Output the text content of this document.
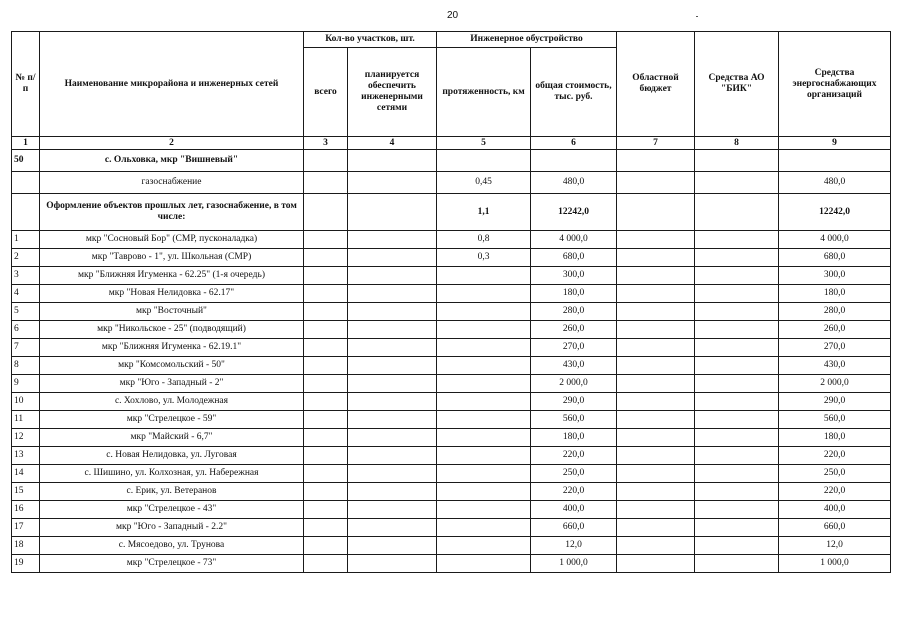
20
№ п/п	Наименование микрорайона и инженерных сетей	Кол-во участков, шт.		Инженерное обустройство		Областной бюджет	Средства АО "БИК"	Средства энергоснабжающих организаций
		всего	планируется обеспечить инженерными сетями	протяженность, км	общая стоимость, тыс. руб.			
1	2	3	4	5	6	7	8	9
50	с. Ольховка, мкр "Вишневый"							
	газоснабжение			0,45	480,0			480,0
	Оформление объектов прошлых лет, газоснабжение, в том числе:			1,1	12242,0			12242,0
1	мкр "Сосновый Бор" (СМР, пусконаладка)			0,8	4 000,0			4 000,0
2	мкр "Таврово - 1", ул. Школьная (СМР)			0,3	680,0			680,0
3	мкр "Ближняя Игуменка - 62.25" (1-я очередь)				300,0			300,0
4	мкр "Новая Нелидовка - 62.17"				180,0			180,0
5	мкр "Восточный"				280,0			280,0
6	мкр "Никольское - 25" (подводящий)				260,0			260,0
7	мкр "Ближняя Игуменка - 62.19.1"				270,0			270,0
8	мкр "Комсомольский - 50"				430,0			430,0
9	мкр "Юго - Западный - 2"				2 000,0			2 000,0
10	с. Хохлово, ул. Молодежная				290,0			290,0
11	мкр "Стрелецкое - 59"				560,0			560,0
12	мкр "Майский - 6,7"				180,0			180,0
13	с. Новая Нелидовка, ул. Луговая				220,0			220,0
14	с. Шишино, ул. Колхозная, ул. Набережная				250,0			250,0
15	с. Ерик, ул. Ветеранов				220,0			220,0
16	мкр "Стрелецкое - 43"				400,0			400,0
17	мкр "Юго - Западный - 2.2"				660,0			660,0
18	с. Мясоедово, ул. Трунова				12,0			12,0
19	мкр "Стрелецкое - 73"				1 000,0			1 000,0
